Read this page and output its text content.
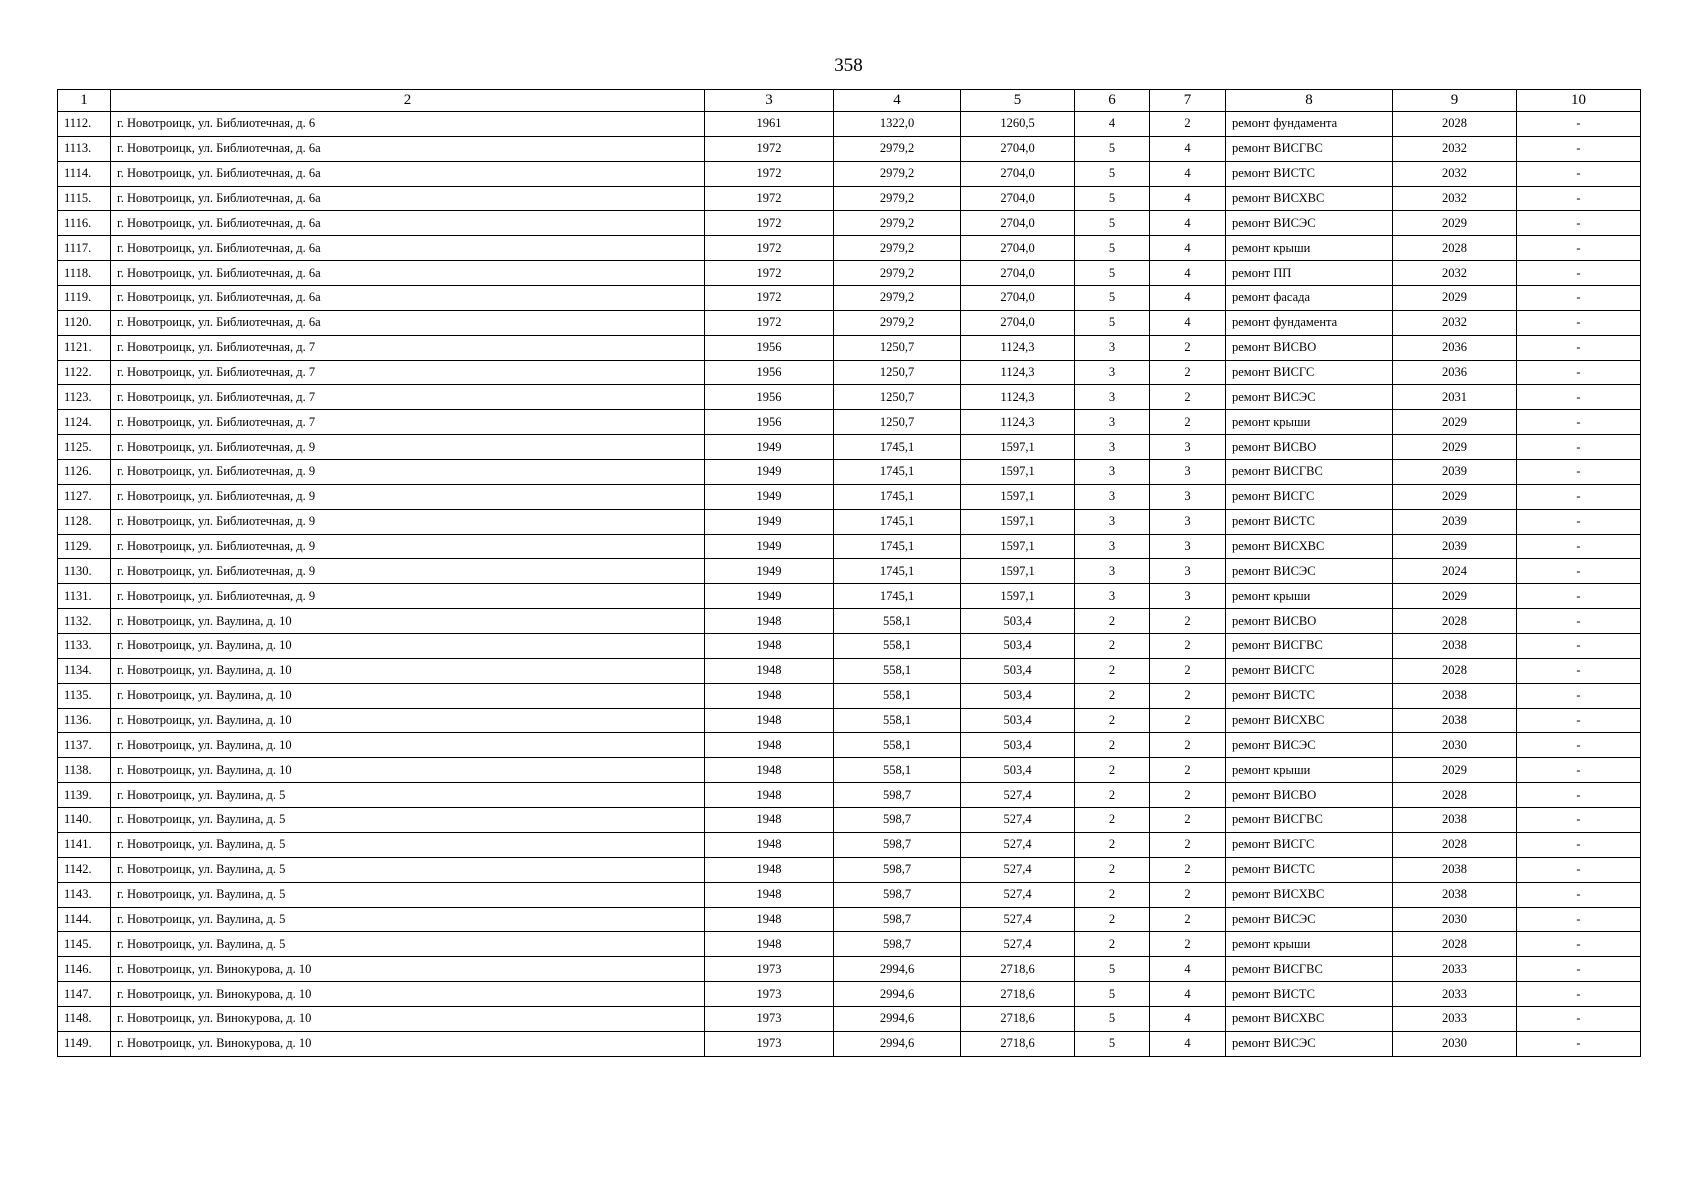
358
1	2	3	4	5	6	7	8	9	10
1112.	г. Новотроицк, ул. Библиотечная, д. 6	1961	1322,0	1260,5	4	2	ремонт фундамента	2028	-
1113.	г. Новотроицк, ул. Библиотечная, д. 6а	1972	2979,2	2704,0	5	4	ремонт ВИСГВС	2032	-
1114.	г. Новотроицк, ул. Библиотечная, д. 6а	1972	2979,2	2704,0	5	4	ремонт ВИСТС	2032	-
1115.	г. Новотроицк, ул. Библиотечная, д. 6а	1972	2979,2	2704,0	5	4	ремонт ВИСХВС	2032	-
1116.	г. Новотроицк, ул. Библиотечная, д. 6а	1972	2979,2	2704,0	5	4	ремонт ВИСЭС	2029	-
1117.	г. Новотроицк, ул. Библиотечная, д. 6а	1972	2979,2	2704,0	5	4	ремонт крыши	2028	-
1118.	г. Новотроицк, ул. Библиотечная, д. 6а	1972	2979,2	2704,0	5	4	ремонт ПП	2032	-
1119.	г. Новотроицк, ул. Библиотечная, д. 6а	1972	2979,2	2704,0	5	4	ремонт фасада	2029	-
1120.	г. Новотроицк, ул. Библиотечная, д. 6а	1972	2979,2	2704,0	5	4	ремонт фундамента	2032	-
1121.	г. Новотроицк, ул. Библиотечная, д. 7	1956	1250,7	1124,3	3	2	ремонт ВИСВО	2036	-
1122.	г. Новотроицк, ул. Библиотечная, д. 7	1956	1250,7	1124,3	3	2	ремонт ВИСГС	2036	-
1123.	г. Новотроицк, ул. Библиотечная, д. 7	1956	1250,7	1124,3	3	2	ремонт ВИСЭС	2031	-
1124.	г. Новотроицк, ул. Библиотечная, д. 7	1956	1250,7	1124,3	3	2	ремонт крыши	2029	-
1125.	г. Новотроицк, ул. Библиотечная, д. 9	1949	1745,1	1597,1	3	3	ремонт ВИСВО	2029	-
1126.	г. Новотроицк, ул. Библиотечная, д. 9	1949	1745,1	1597,1	3	3	ремонт ВИСГВС	2039	-
1127.	г. Новотроицк, ул. Библиотечная, д. 9	1949	1745,1	1597,1	3	3	ремонт ВИСГС	2029	-
1128.	г. Новотроицк, ул. Библиотечная, д. 9	1949	1745,1	1597,1	3	3	ремонт ВИСТС	2039	-
1129.	г. Новотроицк, ул. Библиотечная, д. 9	1949	1745,1	1597,1	3	3	ремонт ВИСХВС	2039	-
1130.	г. Новотроицк, ул. Библиотечная, д. 9	1949	1745,1	1597,1	3	3	ремонт ВИСЭС	2024	-
1131.	г. Новотроицк, ул. Библиотечная, д. 9	1949	1745,1	1597,1	3	3	ремонт крыши	2029	-
1132.	г. Новотроицк, ул. Ваулина, д. 10	1948	558,1	503,4	2	2	ремонт ВИСВО	2028	-
1133.	г. Новотроицк, ул. Ваулина, д. 10	1948	558,1	503,4	2	2	ремонт ВИСГВС	2038	-
1134.	г. Новотроицк, ул. Ваулина, д. 10	1948	558,1	503,4	2	2	ремонт ВИСГС	2028	-
1135.	г. Новотроицк, ул. Ваулина, д. 10	1948	558,1	503,4	2	2	ремонт ВИСТС	2038	-
1136.	г. Новотроицк, ул. Ваулина, д. 10	1948	558,1	503,4	2	2	ремонт ВИСХВС	2038	-
1137.	г. Новотроицк, ул. Ваулина, д. 10	1948	558,1	503,4	2	2	ремонт ВИСЭС	2030	-
1138.	г. Новотроицк, ул. Ваулина, д. 10	1948	558,1	503,4	2	2	ремонт крыши	2029	-
1139.	г. Новотроицк, ул. Ваулина, д. 5	1948	598,7	527,4	2	2	ремонт ВИСВО	2028	-
1140.	г. Новотроицк, ул. Ваулина, д. 5	1948	598,7	527,4	2	2	ремонт ВИСГВС	2038	-
1141.	г. Новотроицк, ул. Ваулина, д. 5	1948	598,7	527,4	2	2	ремонт ВИСГС	2028	-
1142.	г. Новотроицк, ул. Ваулина, д. 5	1948	598,7	527,4	2	2	ремонт ВИСТС	2038	-
1143.	г. Новотроицк, ул. Ваулина, д. 5	1948	598,7	527,4	2	2	ремонт ВИСХВС	2038	-
1144.	г. Новотроицк, ул. Ваулина, д. 5	1948	598,7	527,4	2	2	ремонт ВИСЭС	2030	-
1145.	г. Новотроицк, ул. Ваулина, д. 5	1948	598,7	527,4	2	2	ремонт крыши	2028	-
1146.	г. Новотроицк, ул. Винокурова, д. 10	1973	2994,6	2718,6	5	4	ремонт ВИСГВС	2033	-
1147.	г. Новотроицк, ул. Винокурова, д. 10	1973	2994,6	2718,6	5	4	ремонт ВИСТС	2033	-
1148.	г. Новотроицк, ул. Винокурова, д. 10	1973	2994,6	2718,6	5	4	ремонт ВИСХВС	2033	-
1149.	г. Новотроицк, ул. Винокурова, д. 10	1973	2994,6	2718,6	5	4	ремонт ВИСЭС	2030	-
